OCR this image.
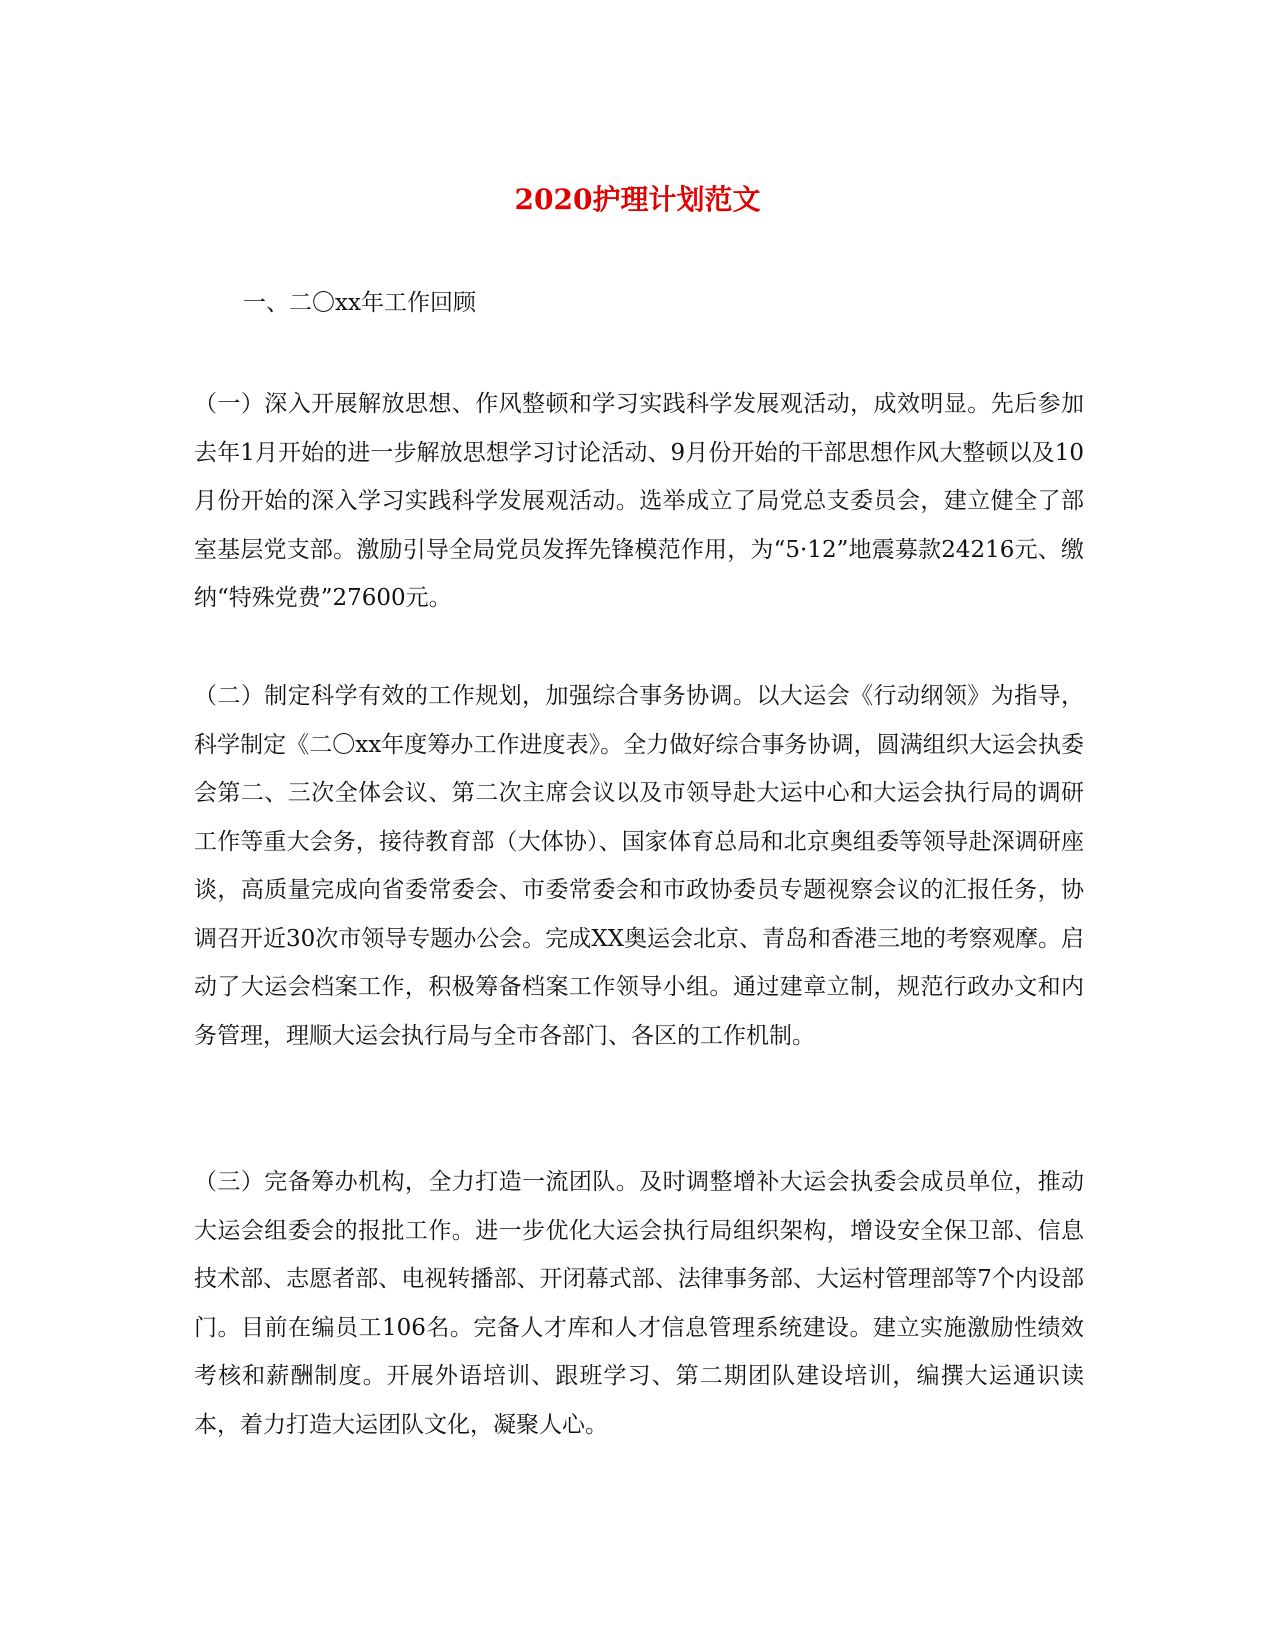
2020护理计划范文

一、二〇xx年工作回顾

（一）深入开展解放思想、作风整顿和学习实践科学发展观活动，成效明显。先后参加去年1月开始的进一步解放思想学习讨论活动、9月份开始的干部思想作风大整顿以及10月份开始的深入学习实践科学发展观活动。选举成立了局党总支委员会，建立健全了部室基层党支部。激励引导全局党员发挥先锋模范作用，为“5·12”地震募款24216元、缴纳“特殊党费”27600元。

（二）制定科学有效的工作规划，加强综合事务协调。以大运会《行动纲领》为指导，科学制定《二〇xx年度筹办工作进度表》。全力做好综合事务协调，圆满组织大运会执委会第二、三次全体会议、第二次主席会议以及市领导赴大运中心和大运会执行局的调研工作等重大会务，接待教育部（大体协）、国家体育总局和北京奥组委等领导赴深调研座谈，高质量完成向省委常委会、市委常委会和市政协委员专题视察会议的汇报任务，协调召开近30次市领导专题办公会。完成XX奥运会北京、青岛和香港三地的考察观摩。启动了大运会档案工作，积极筹备档案工作领导小组。通过建章立制，规范行政办文和内务管理，理顺大运会执行局与全市各部门、各区的工作机制。

（三）完备筹办机构，全力打造一流团队。及时调整增补大运会执委会成员单位，推动大运会组委会的报批工作。进一步优化大运会执行局组织架构，增设安全保卫部、信息技术部、志愿者部、电视转播部、开闭幕式部、法律事务部、大运村管理部等7个内设部门。目前在编员工106名。完备人才库和人才信息管理系统建设。建立实施激励性绩效考核和薪酬制度。开展外语培训、跟班学习、第二期团队建设培训，编撰大运通识读本，着力打造大运团队文化，凝聚人心。
